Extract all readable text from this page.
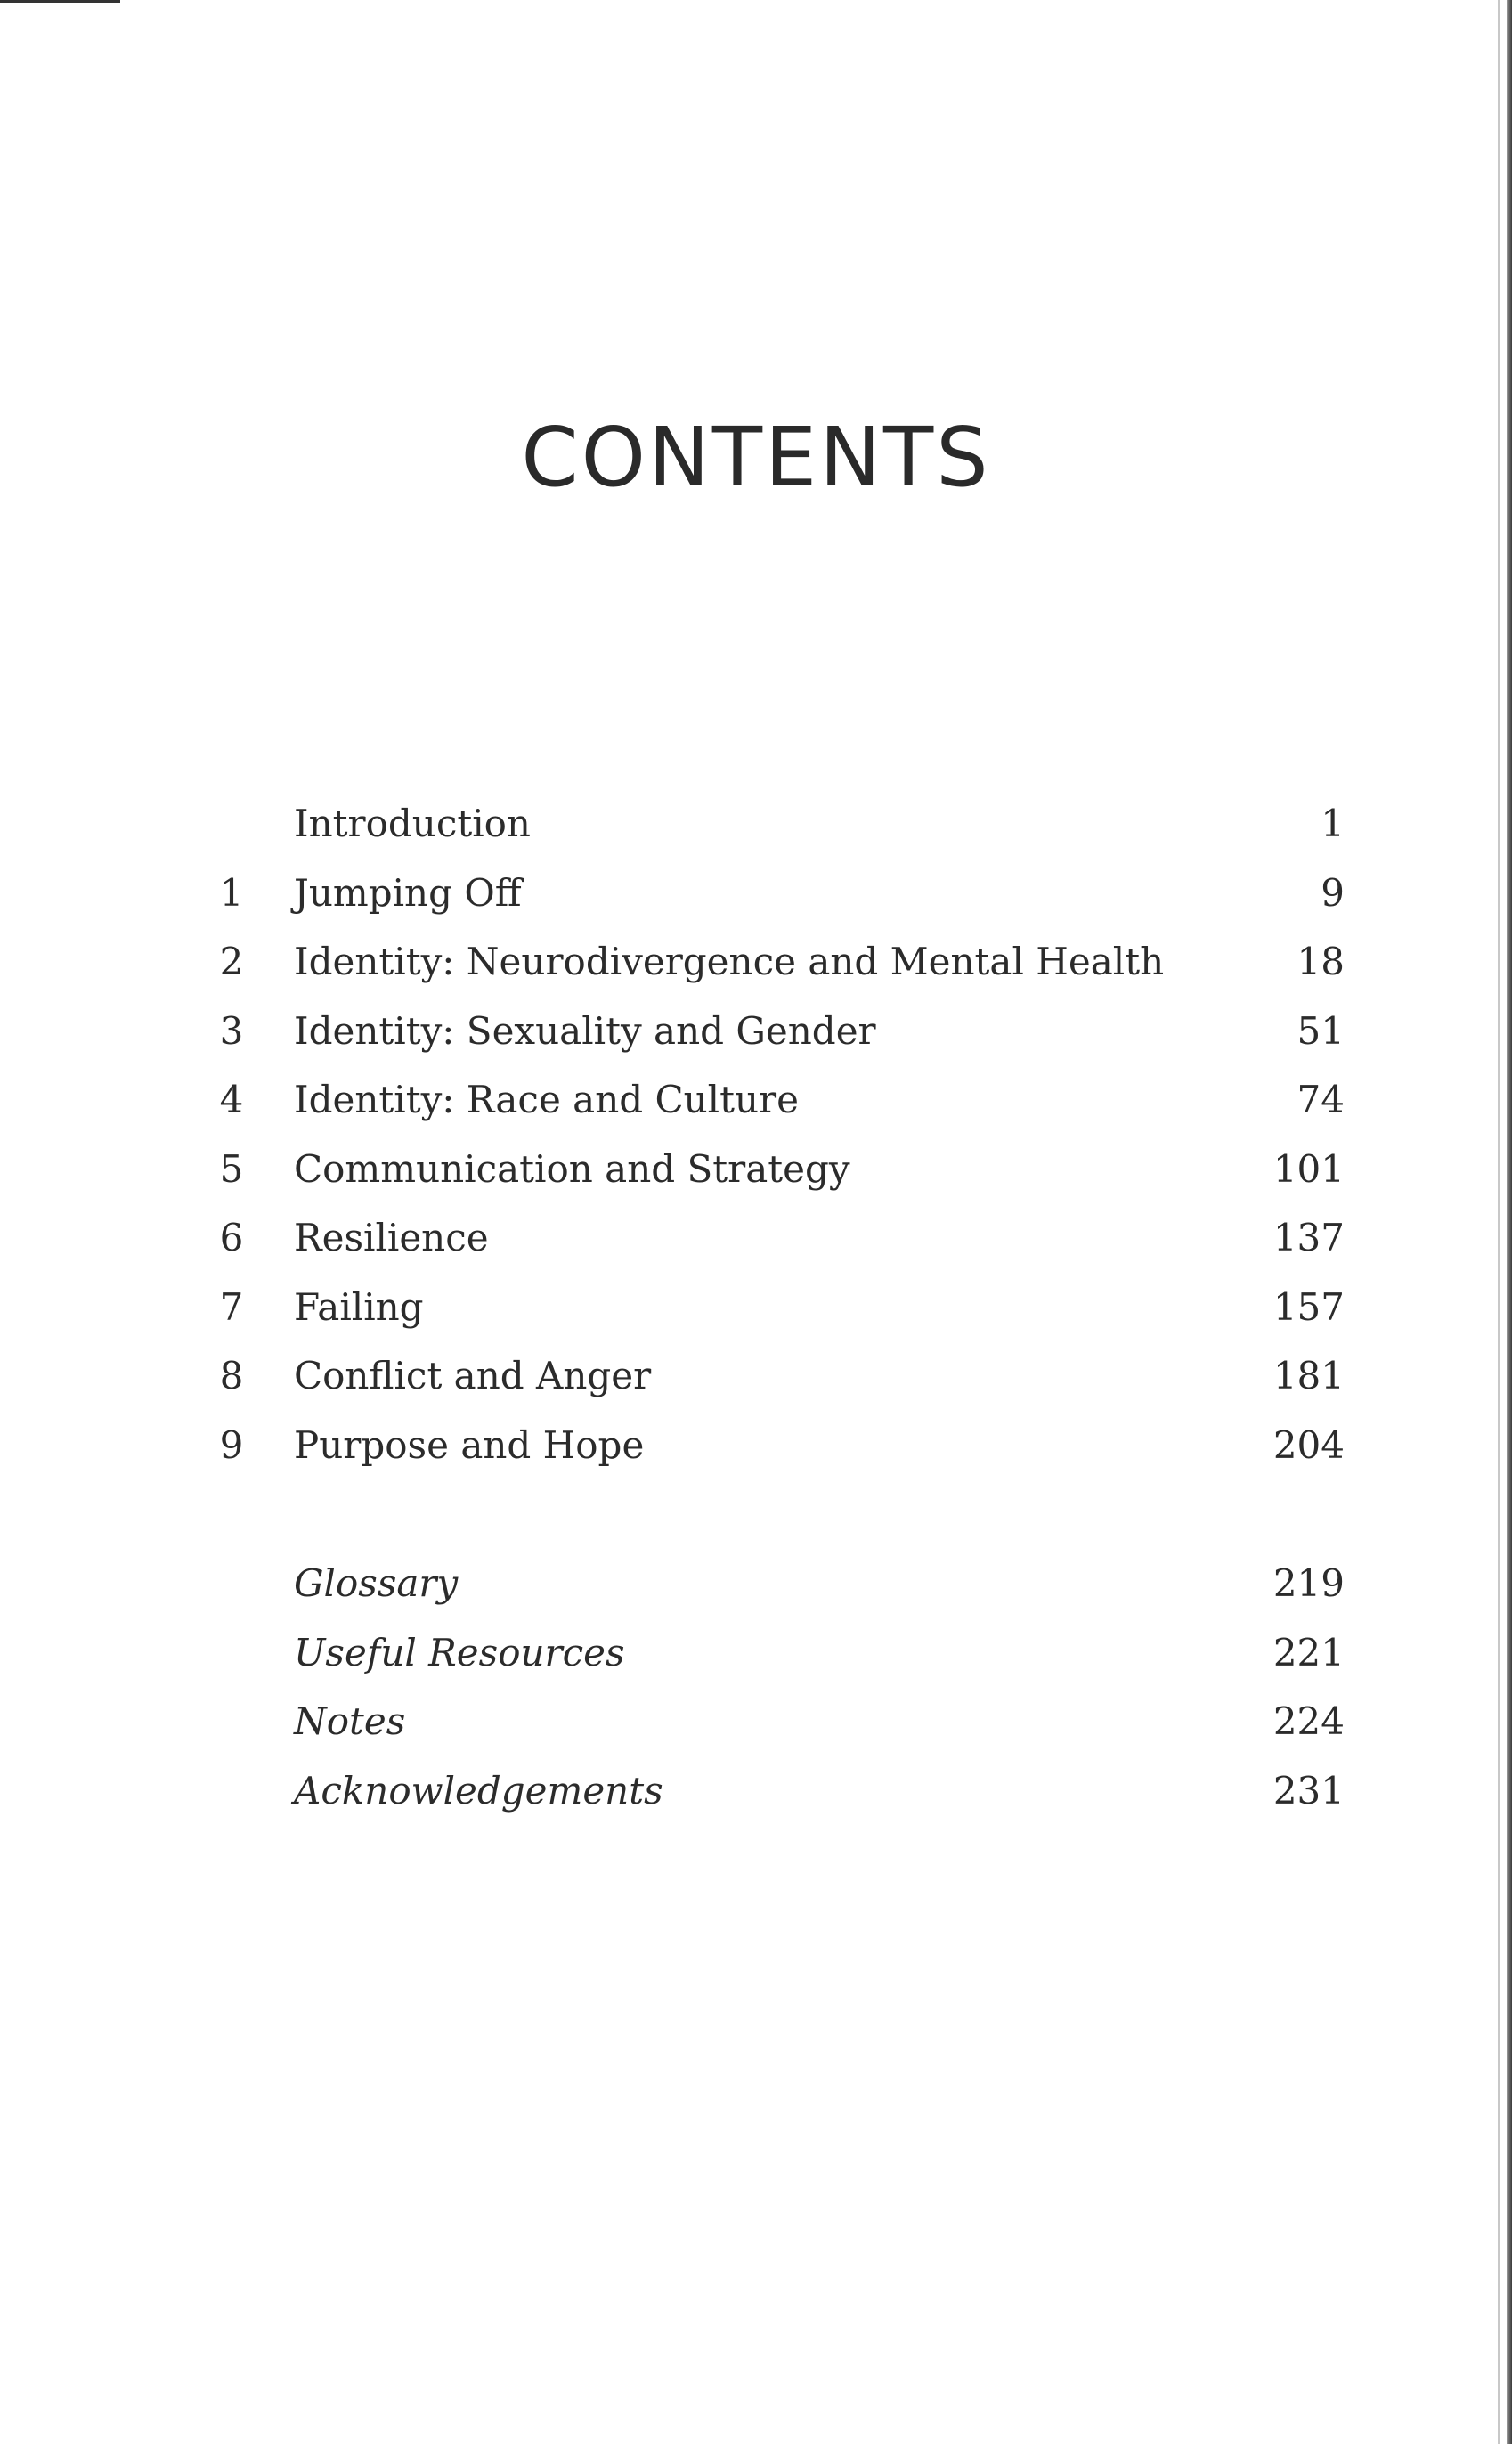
CONTENTS
Introduction	1
1	Jumping Off	9
2	Identity: Neurodivergence and Mental Health	18
3	Identity: Sexuality and Gender	51
4	Identity: Race and Culture	74
5	Communication and Strategy	101
6	Resilience	137
7	Failing	157
8	Conflict and Anger	181
9	Purpose and Hope	204
Glossary	219
Useful Resources	221
Notes	224
Acknowledgements	231
